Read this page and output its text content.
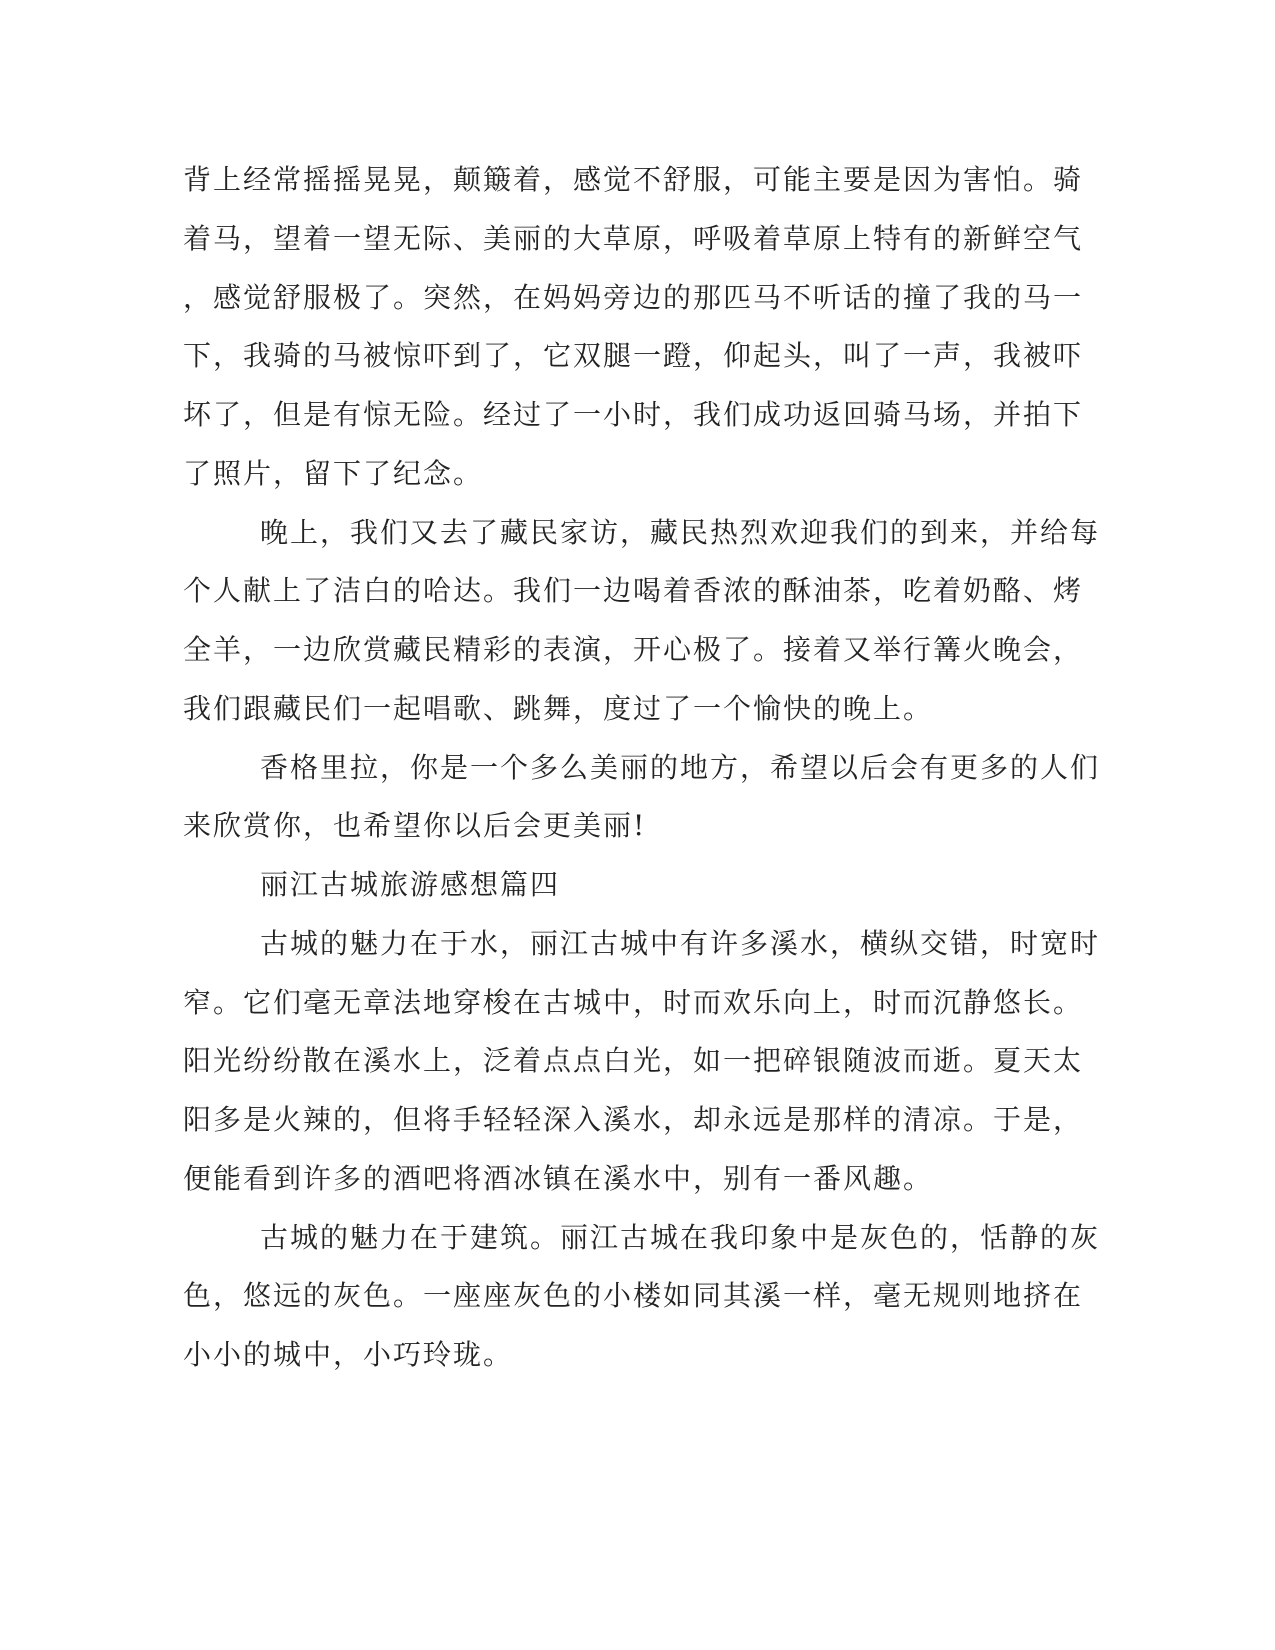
背上经常摇摇晃晃，颠簸着，感觉不舒服，可能主要是因为害怕。骑
着马，望着一望无际、美丽的大草原，呼吸着草原上特有的新鲜空气
，感觉舒服极了。突然，在妈妈旁边的那匹马不听话的撞了我的马一
下，我骑的马被惊吓到了，它双腿一蹬，仰起头，叫了一声，我被吓
坏了，但是有惊无险。经过了一小时，我们成功返回骑马场，并拍下
了照片，留下了纪念。
晚上，我们又去了藏民家访，藏民热烈欢迎我们的到来，并给每
个人献上了洁白的哈达。我们一边喝着香浓的酥油茶，吃着奶酪、烤
全羊，一边欣赏藏民精彩的表演，开心极了。接着又举行篝火晚会，
我们跟藏民们一起唱歌、跳舞，度过了一个愉快的晚上。
香格里拉，你是一个多么美丽的地方，希望以后会有更多的人们
来欣赏你，也希望你以后会更美丽!
丽江古城旅游感想篇四
古城的魅力在于水，丽江古城中有许多溪水，横纵交错，时宽时
窄。它们毫无章法地穿梭在古城中，时而欢乐向上，时而沉静悠长。
阳光纷纷散在溪水上，泛着点点白光，如一把碎银随波而逝。夏天太
阳多是火辣的，但将手轻轻深入溪水，却永远是那样的清凉。于是，
便能看到许多的酒吧将酒冰镇在溪水中，别有一番风趣。
古城的魅力在于建筑。丽江古城在我印象中是灰色的，恬静的灰
色，悠远的灰色。一座座灰色的小楼如同其溪一样，毫无规则地挤在
小小的城中，小巧玲珑。
